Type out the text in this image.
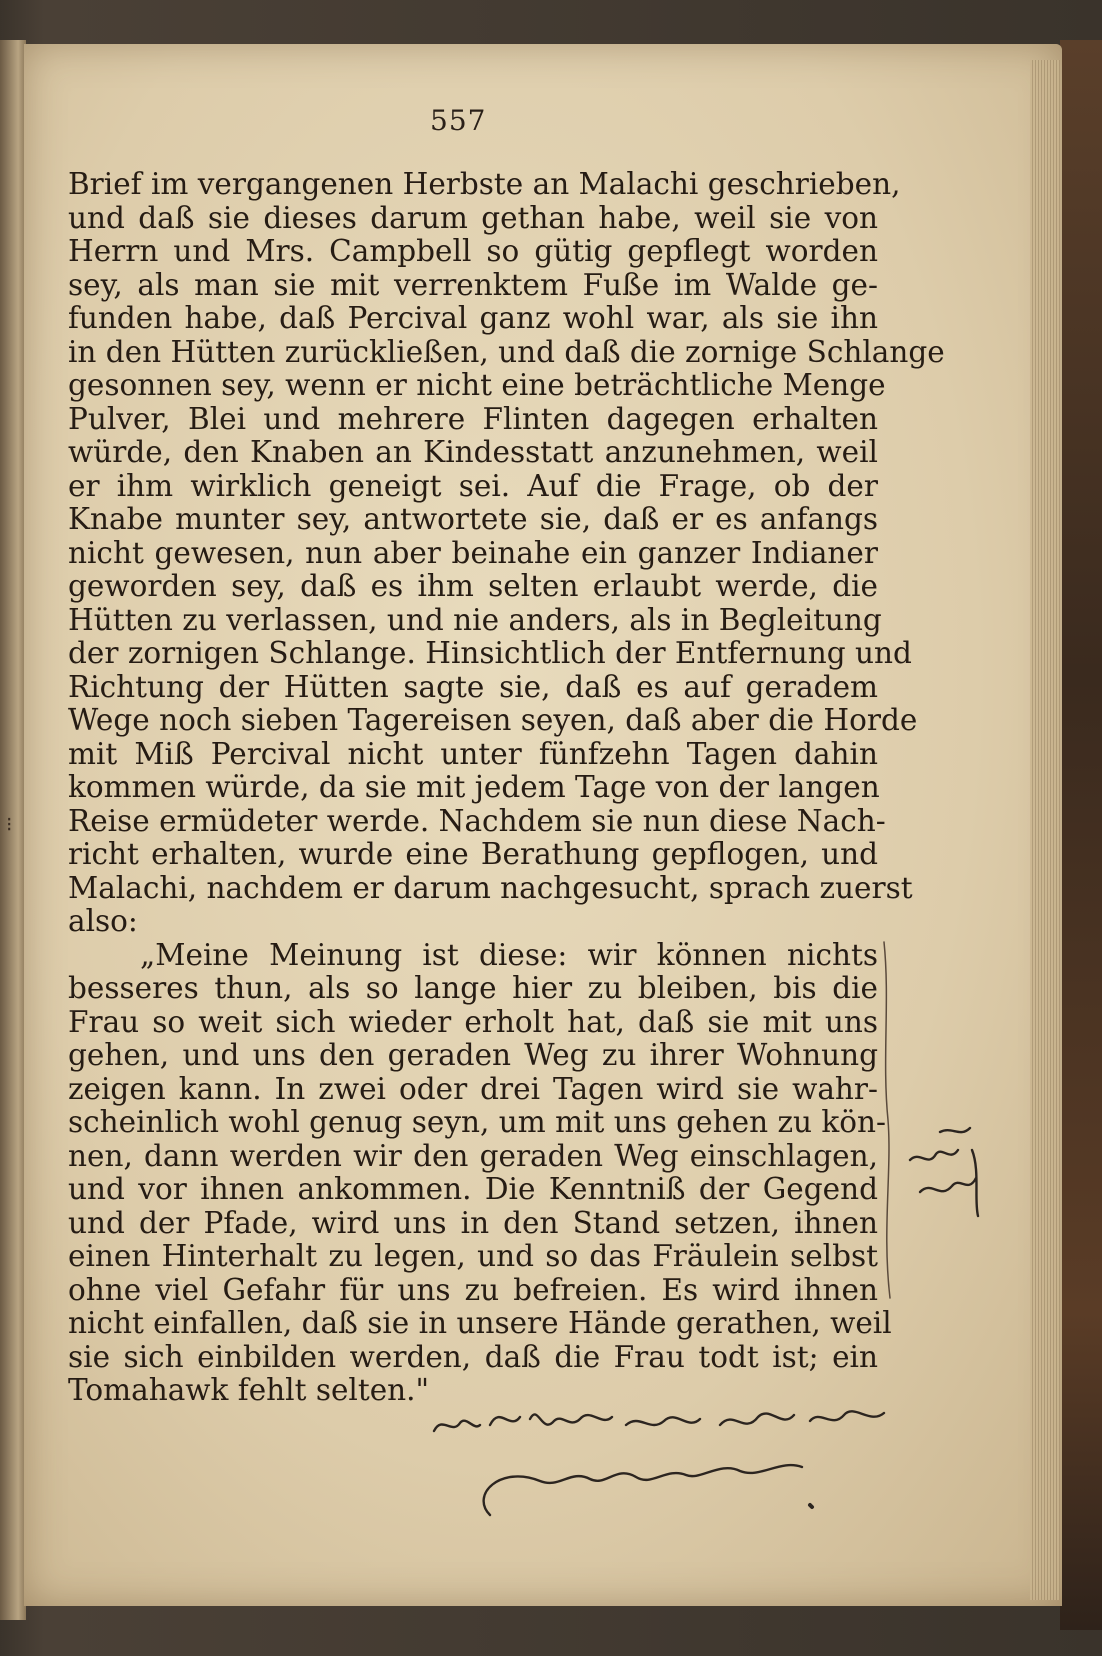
557
Brief im vergangenen Herbste an Malachi geschrieben,
und daß sie dieses darum gethan habe, weil sie von
Herrn und Mrs. Campbell so gütig gepflegt worden
sey, als man sie mit verrenktem Fuße im Walde ge-
funden habe, daß Percival ganz wohl war, als sie ihn
in den Hütten zurückließen, und daß die zornige Schlange
gesonnen sey, wenn er nicht eine beträchtliche Menge
Pulver, Blei und mehrere Flinten dagegen erhalten
würde, den Knaben an Kindesstatt anzunehmen, weil
er ihm wirklich geneigt sei. Auf die Frage, ob der
Knabe munter sey, antwortete sie, daß er es anfangs
nicht gewesen, nun aber beinahe ein ganzer Indianer
geworden sey, daß es ihm selten erlaubt werde, die
Hütten zu verlassen, und nie anders, als in Begleitung
der zornigen Schlange. Hinsichtlich der Entfernung und
Richtung der Hütten sagte sie, daß es auf geradem
Wege noch sieben Tagereisen seyen, daß aber die Horde
mit Miß Percival nicht unter fünfzehn Tagen dahin
kommen würde, da sie mit jedem Tage von der langen
Reise ermüdeter werde. Nachdem sie nun diese Nach-
richt erhalten, wurde eine Berathung gepflogen, und
Malachi, nachdem er darum nachgesucht, sprach zuerst
also:
„Meine Meinung ist diese: wir können nichts
besseres thun, als so lange hier zu bleiben, bis die
Frau so weit sich wieder erholt hat, daß sie mit uns
gehen, und uns den geraden Weg zu ihrer Wohnung
zeigen kann. In zwei oder drei Tagen wird sie wahr-
scheinlich wohl genug seyn, um mit uns gehen zu kön-
nen, dann werden wir den geraden Weg einschlagen,
und vor ihnen ankommen. Die Kenntniß der Gegend
und der Pfade, wird uns in den Stand setzen, ihnen
einen Hinterhalt zu legen, und so das Fräulein selbst
ohne viel Gefahr für uns zu befreien. Es wird ihnen
nicht einfallen, daß sie in unsere Hände gerathen, weil
sie sich einbilden werden, daß die Frau todt ist; ein
Tomahawk fehlt selten."
⁝
